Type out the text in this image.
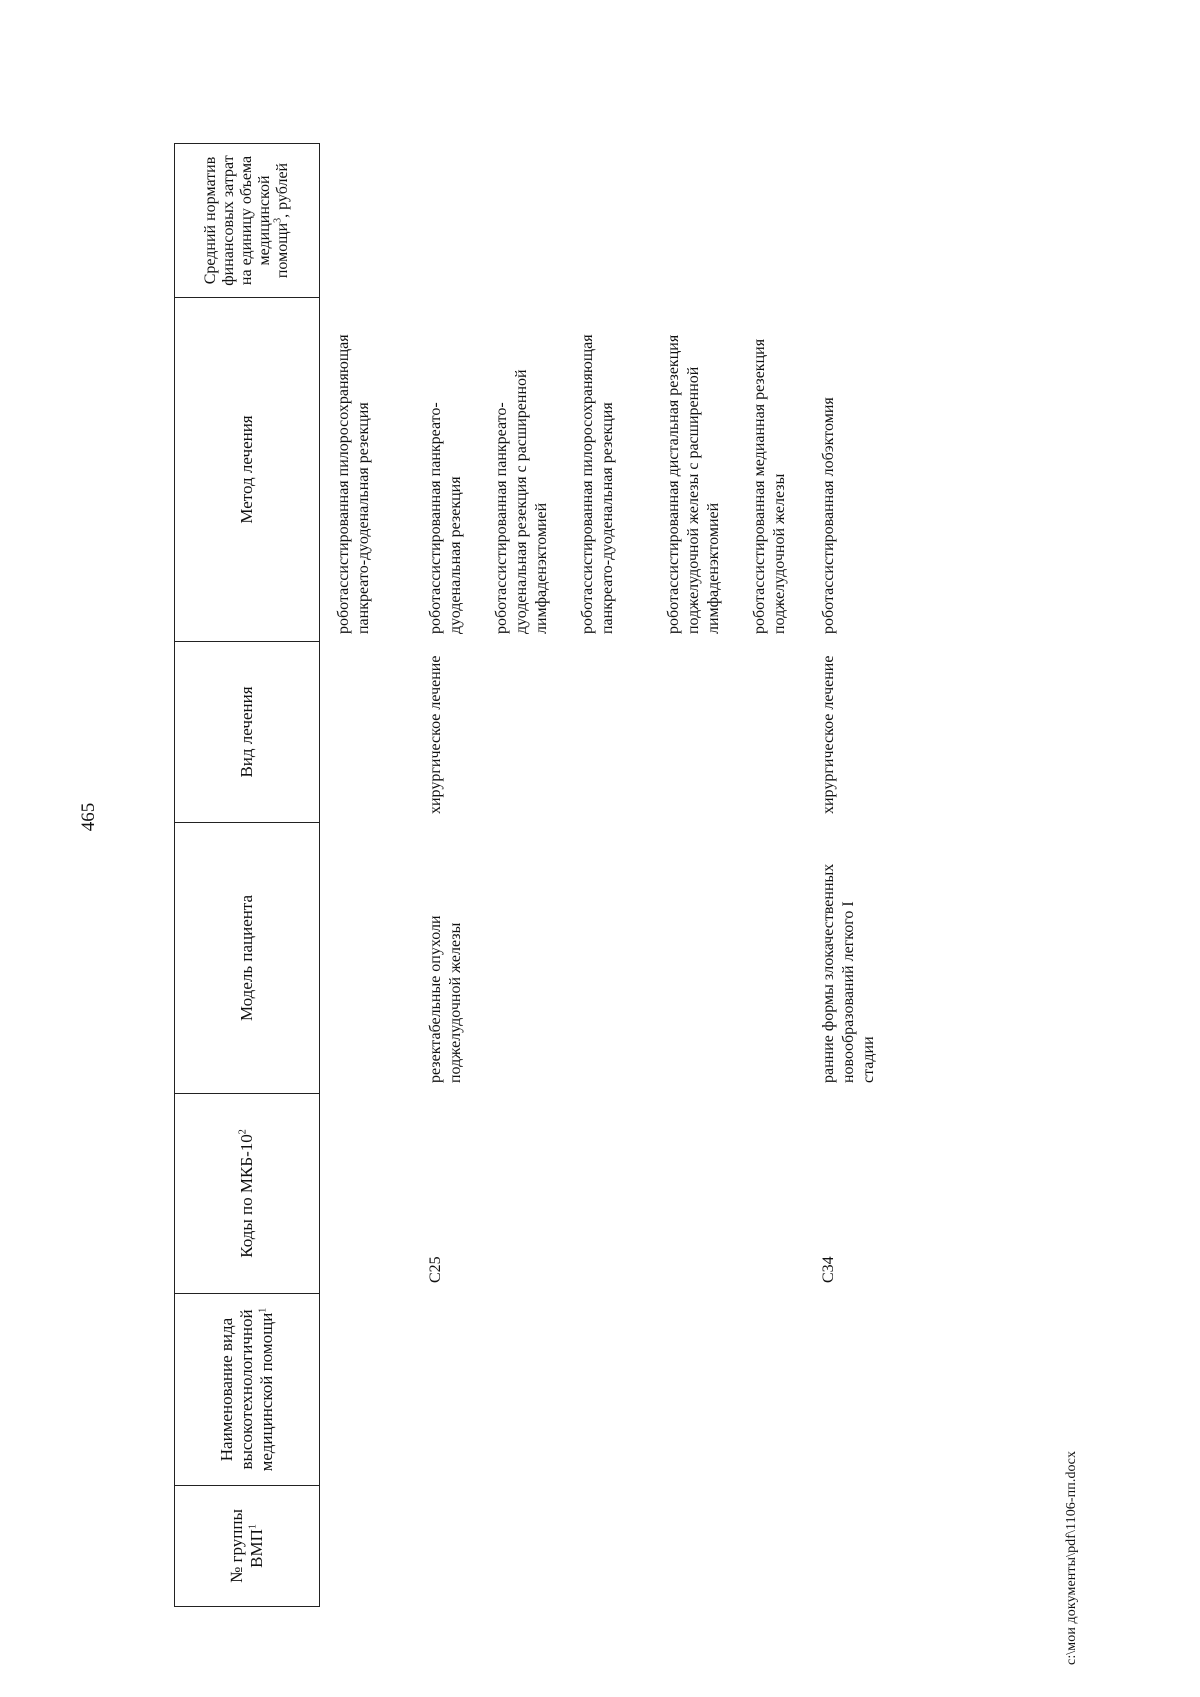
465
№ группы ВМП$^1$
Наименование вида высокотехнологичной медицинской помощи$^1$
Коды по МКБ-$10^2$
Модель пациента
Вид лечения
Метод лечения
Средний норматив финансовых затрат на единицу объема медицинской помощи$^3$, рублей
роботассистированная пилоросохраняющая панкреато-дуоденальная резекция
C25
резектабельные опухоли поджелудочной железы
хирургическое лечение
роботассистированная панкреато-дуоденальная резекция роботассистированная панкреато-дуоденальная резекция с расширенной лимфаденэктомией роботассистированная пилоросохраняющая панкреато-дуоденальная резекция	роботассистированная дистальная резекция поджелудочной железы с расширенной лимфаденэктомией роботассистированная медианная резекция поджелудочной железы
C34
ранние формы злокачественных новообразований легкого I стадии
хирургическое лечение
роботассистированная лобэктомия
c:\мои документы\pdf\1106-пп.docx
